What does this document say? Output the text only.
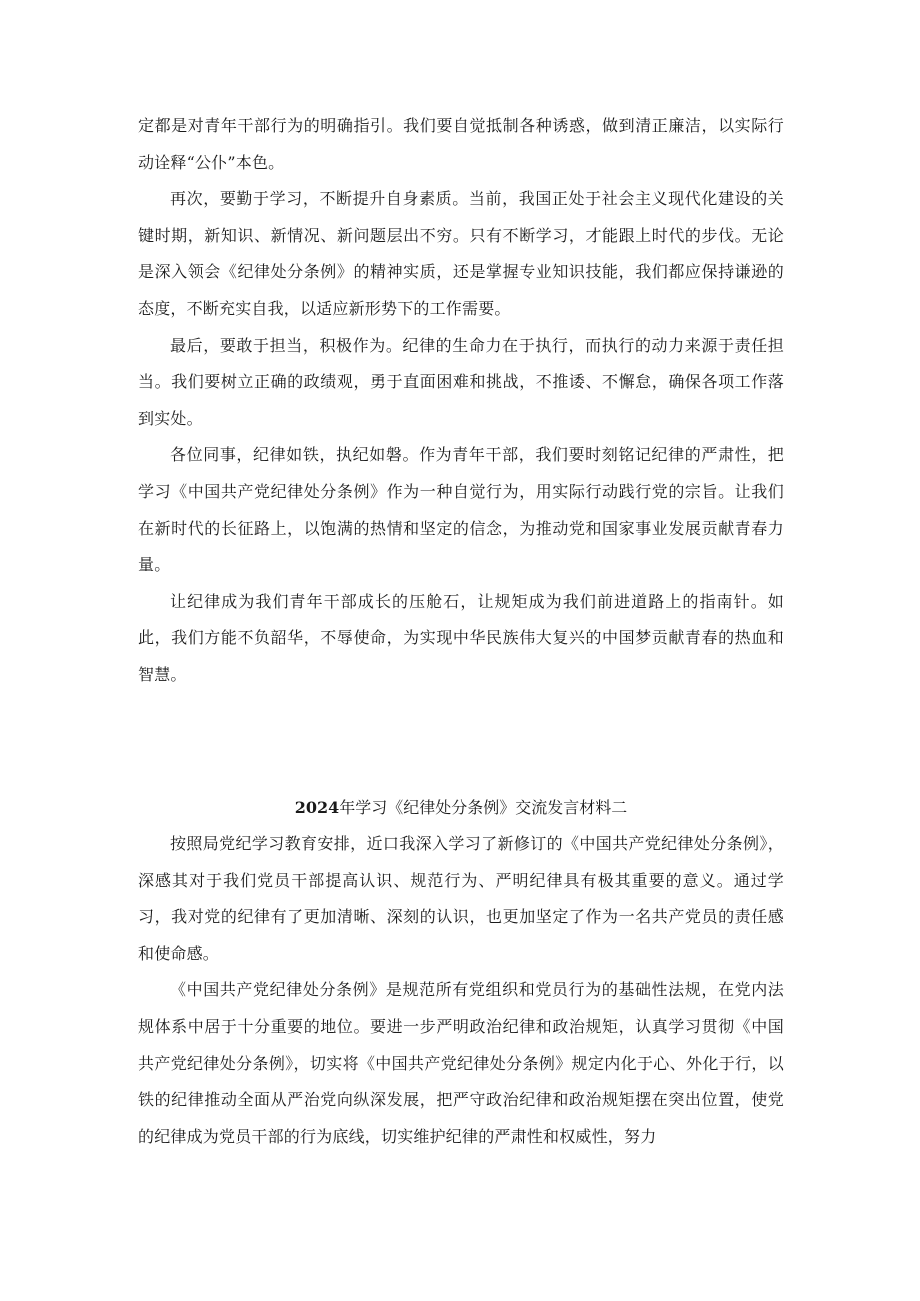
定都是对青年干部行为的明确指引。我们要自觉抵制各种诱惑，做到清正廉洁，以实际行动诠释“公仆”本色。

再次，要勤于学习，不断提升自身素质。当前，我国正处于社会主义现代化建设的关键时期，新知识、新情况、新问题层出不穷。只有不断学习，才能跟上时代的步伐。无论是深入领会《纪律处分条例》的精神实质，还是掌握专业知识技能，我们都应保持谦逊的态度，不断充实自我，以适应新形势下的工作需要。

最后，要敢于担当，积极作为。纪律的生命力在于执行，而执行的动力来源于责任担当。我们要树立正确的政绩观，勇于直面困难和挑战，不推诿、不懈怠，确保各项工作落到实处。

各位同事，纪律如铁，执纪如磐。作为青年干部，我们要时刻铭记纪律的严肃性，把学习《中国共产党纪律处分条例》作为一种自觉行为，用实际行动践行党的宗旨。让我们在新时代的长征路上，以饱满的热情和坚定的信念，为推动党和国家事业发展贡献青春力量。

让纪律成为我们青年干部成长的压舱石，让规矩成为我们前进道路上的指南针。如此，我们方能不负韶华，不辱使命，为实现中华民族伟大复兴的中国梦贡献青春的热血和智慧。

2024年学习《纪律处分条例》交流发言材料二

按照局党纪学习教育安排，近口我深入学习了新修订的《中国共产党纪律处分条例》，深感其对于我们党员干部提高认识、规范行为、严明纪律具有极其重要的意义。通过学习，我对党的纪律有了更加清晰、深刻的认识，也更加坚定了作为一名共产党员的责任感和使命感。

《中国共产党纪律处分条例》是规范所有党组织和党员行为的基础性法规，在党内法规体系中居于十分重要的地位。要进一步严明政治纪律和政治规矩，认真学习贯彻《中国共产党纪律处分条例》，切实将《中国共产党纪律处分条例》规定内化于心、外化于行，以铁的纪律推动全面从严治党向纵深发展，把严守政治纪律和政治规矩摆在突出位置，使党的纪律成为党员干部的行为底线，切实维护纪律的严肃性和权威性，努力
